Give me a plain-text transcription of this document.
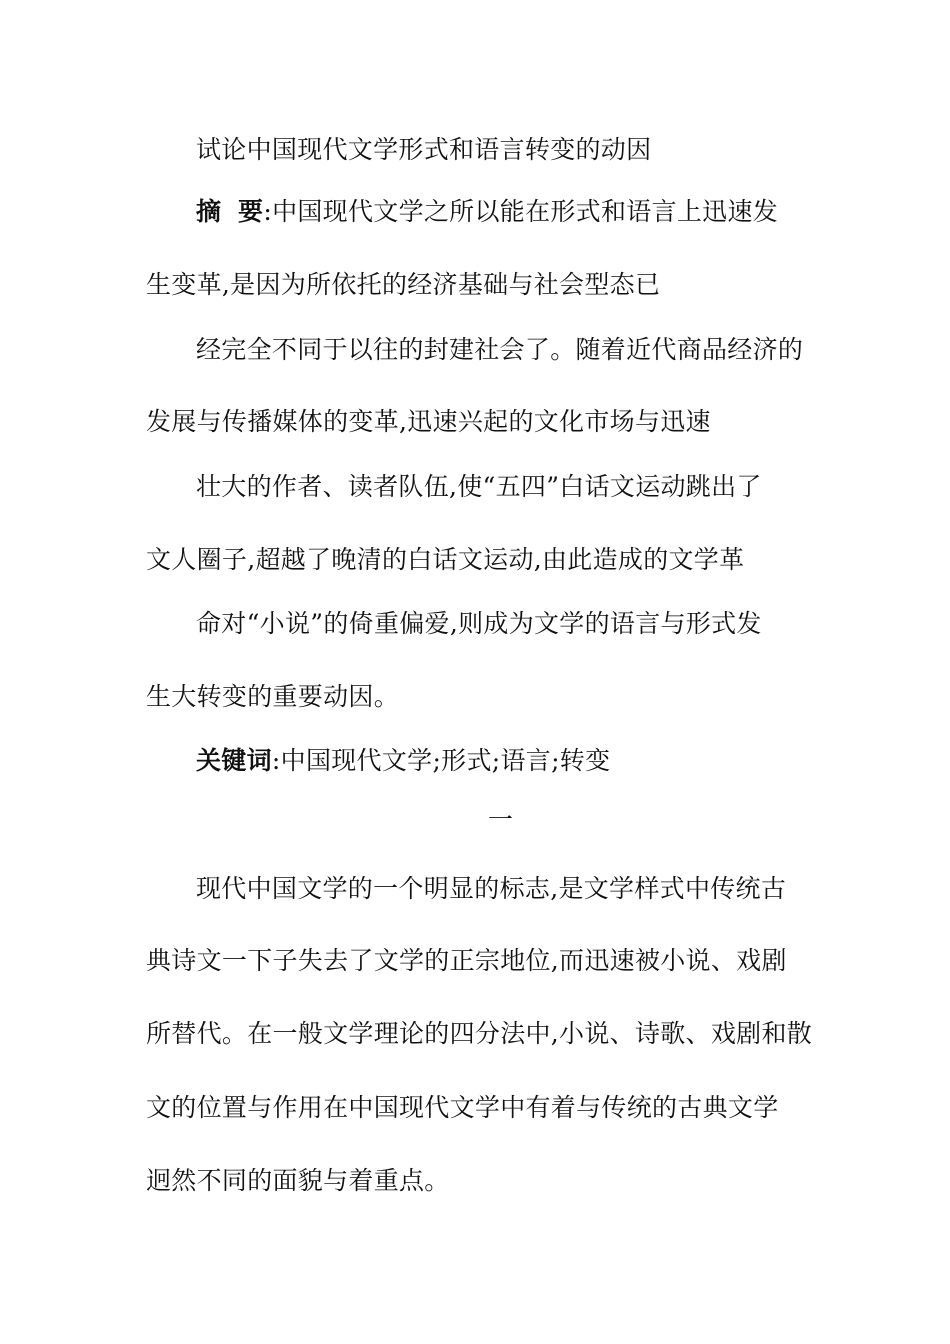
试论中国现代文学形式和语言转变的动因
摘要:中国现代文学之所以能在形式和语言上迅速发
生变革,是因为所依托的经济基础与社会型态已
经完全不同于以往的封建社会了。随着近代商品经济的
发展与传播媒体的变革,迅速兴起的文化市场与迅速
壮大的作者、读者队伍,使“五四”白话文运动跳出了
文人圈子,超越了晚清的白话文运动,由此造成的文学革
命对“小说”的倚重偏爱,则成为文学的语言与形式发
生大转变的重要动因。
关键词:中国现代文学;形式;语言;转变
一
现代中国文学的一个明显的标志,是文学样式中传统古
典诗文一下子失去了文学的正宗地位,而迅速被小说、戏剧
所替代。在一般文学理论的四分法中,小说、诗歌、戏剧和散
文的位置与作用在中国现代文学中有着与传统的古典文学
迥然不同的面貌与着重点。
